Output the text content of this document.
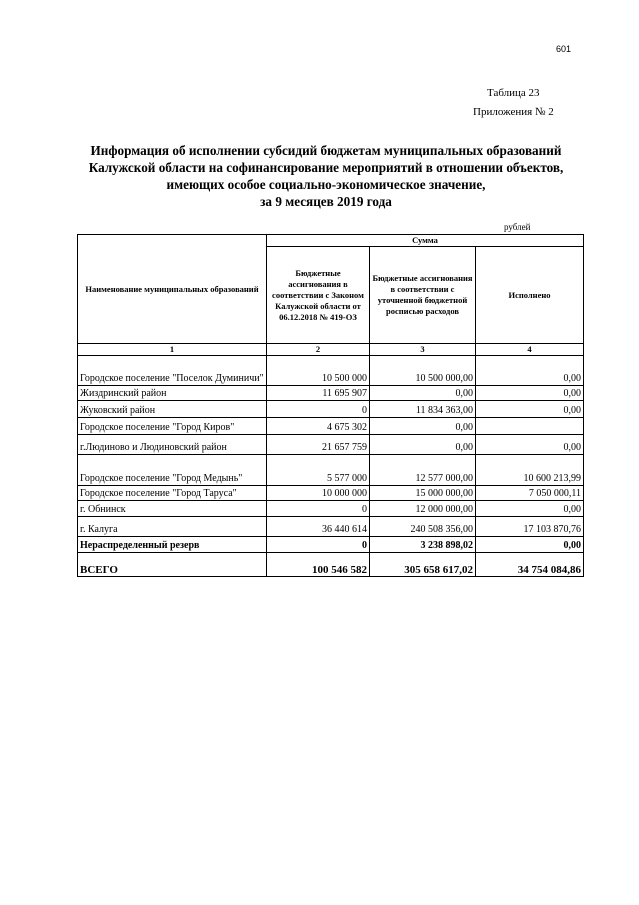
601
Таблица 23
Приложения № 2
Информация об исполнении субсидий бюджетам муниципальных образований
Калужской области на софинансирование мероприятий в отношении объектов,
имеющих особое социально-экономическое значение,
за 9 месяцев 2019 года
рублей
Наименование муниципальных образований	Сумма		
	Бюджетные ассигнования в соответствии с Законом Калужской области от 06.12.2018 № 419-ОЗ	Бюджетные ассигнования в соответствии с уточненной бюджетной росписью расходов	Исполнено
1	2	3	4
Городское поселение "Поселок Думиничи"	10 500 000	10 500 000,00	0,00
Жиздринский район	11 695 907	0,00	0,00
Жуковский район	0	11 834 363,00	0,00
Городское поселение "Город Киров"	4 675 302	0,00	
г.Людиново и Людиновский район	21 657 759	0,00	0,00
Городское поселение "Город Медынь"	5 577 000	12 577 000,00	10 600 213,99
Городское поселение "Город Таруса"	10 000 000	15 000 000,00	7 050 000,11
г. Обнинск	0	12 000 000,00	0,00
г. Калуга	36 440 614	240 508 356,00	17 103 870,76
Нераспределенный резерв	0	3 238 898,02	0,00
ВСЕГО	100 546 582	305 658 617,02	34 754 084,86
